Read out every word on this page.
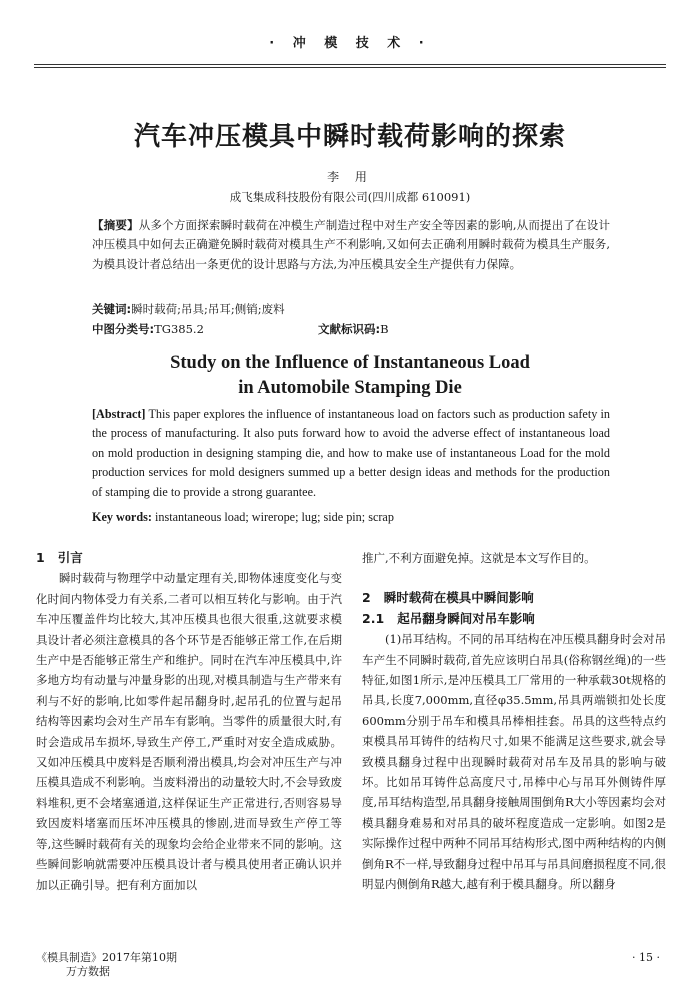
· 冲 模 技 术 ·
汽车冲压模具中瞬时载荷影响的探索
李 用
成飞集成科技股份有限公司(四川成都 610091)
【摘要】从多个方面探索瞬时载荷在冲模生产制造过程中对生产安全等因素的影响,从而提出了在设计冲压模具中如何去正确避免瞬时载荷对模具生产不利影响,又如何去正确利用瞬时载荷为模具生产服务,为模具设计者总结出一条更优的设计思路与方法,为冲压模具安全生产提供有力保障。
关键词:瞬时载荷;吊具;吊耳;侧销;废料
中图分类号:TG385.2	文献标识码:B
Study on the Influence of Instantaneous Load
in Automobile Stamping Die
[Abstract] This paper explores the influence of instantaneous load on factors such as production safety in the process of manufacturing. It also puts forward how to avoid the adverse effect of instantaneous load on mold production in designing stamping die, and how to make use of instantaneous Load for the mold production services for mold designers summed up a better design ideas and methods for the production of stamping die to provide a strong guarantee.
Key words: instantaneous load; wirerope; lug; side pin; scrap

1 引言

瞬时载荷与物理学中动量定理有关,即物体速度变化与变化时间内物体受力有关系,二者可以相互转化与影响。由于汽车冲压覆盖件均比较大,其冲压模具也很大很重,这就要求模具设计者必须注意模具的各个环节是否能够正常工作,在后期生产中是否能够正常生产和维护。同时在汽车冲压模具中,许多地方均有动量与冲量身影的出现,对模具制造与生产带来有利与不好的影响,比如零件起吊翻身时,起吊孔的位置与起吊结构等因素均会对生产吊车有影响。当零件的质量很大时,有时会造成吊车损坏,导致生产停工,严重时对安全造成威胁。又如冲压模具中废料是否顺利滑出模具,均会对冲压生产与冲压模具造成不利影响。当废料滑出的动量较大时,不会导致废料堆积,更不会堵塞通道,这样保证生产正常进行,否则容易导致因废料堵塞而压坏冲压模具的惨剧,进而导致生产停工等等,这些瞬时载荷有关的现象均会给企业带来不同的影响。这些瞬间影响就需要冲压模具设计者与模具使用者正确认识并加以正确引导。把有利方面加以

推广,不利方面避免掉。这就是本文写作目的。

2 瞬时载荷在模具中瞬间影响

2.1 起吊翻身瞬间对吊车影响

(1)吊耳结构。不同的吊耳结构在冲压模具翻身时会对吊车产生不同瞬时载荷,首先应该明白吊具(俗称钢丝绳)的一些特征,如图1所示,是冲压模具工厂常用的一种承载30t规格的吊具,长度7,000mm,直径φ35.5mm,吊具两端锁扣处长度600mm分别于吊车和模具吊棒相挂套。吊具的这些特点约束模具吊耳铸件的结构尺寸,如果不能满足这些要求,就会导致模具翻身过程中出现瞬时载荷对吊车及吊具的影响与破坏。比如吊耳铸件总高度尺寸,吊棒中心与吊耳外侧铸件厚度,吊耳结构造型,吊具翻身接触周围倒角R大小等因素均会对模具翻身难易和对吊具的破坏程度造成一定影响。如图2是实际操作过程中两种不同吊耳结构形式,图中两种结构的内侧倒角R不一样,导致翻身过程中吊耳与吊具间磨损程度不同,很明显内侧倒角R越大,越有利于模具翻身。所以翻身

《模具制造》2017年第10期
万方数据
· 15 ·
